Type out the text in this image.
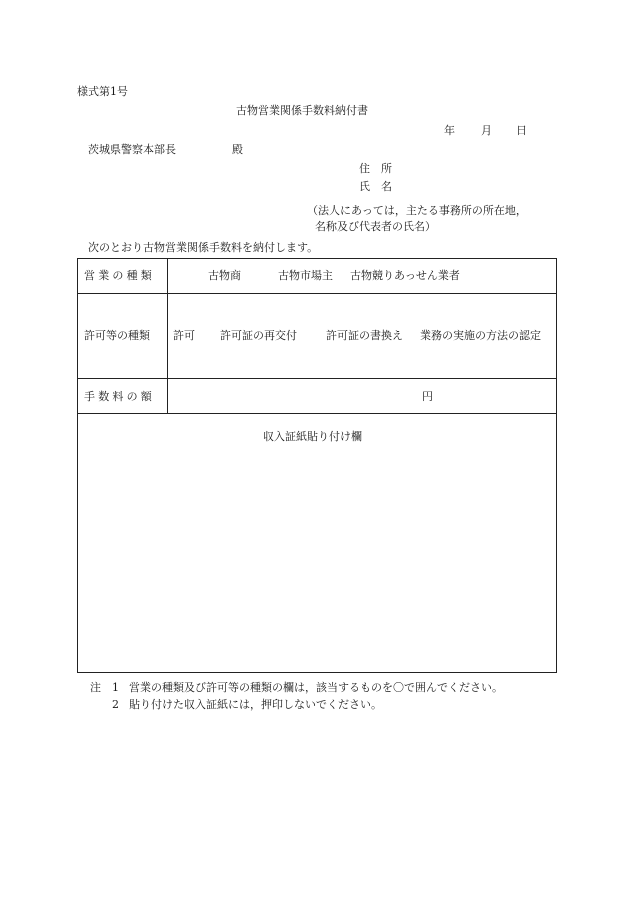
様式第1号
古物営業関係手数料納付書
年 月 日
茨城県警察本部長	殿
住　所
氏　名
（法人にあっては，主たる事務所の所在地，
名称及び代表者の氏名）
次のとおり古物営業関係手数料を納付します。
営業の種類	古物商	古物市場主 古物競りあっせん業者
許可等の種類 許可 許可証の再交付	許可証の書換え 業務の実施の方法の認定
手数料の額	円
収入証紙貼り付け欄
注 1 営業の種類及び許可等の種類の欄は，該当するものを〇で囲んでください。
2 貼り付けた収入証紙には，押印しないでください。
